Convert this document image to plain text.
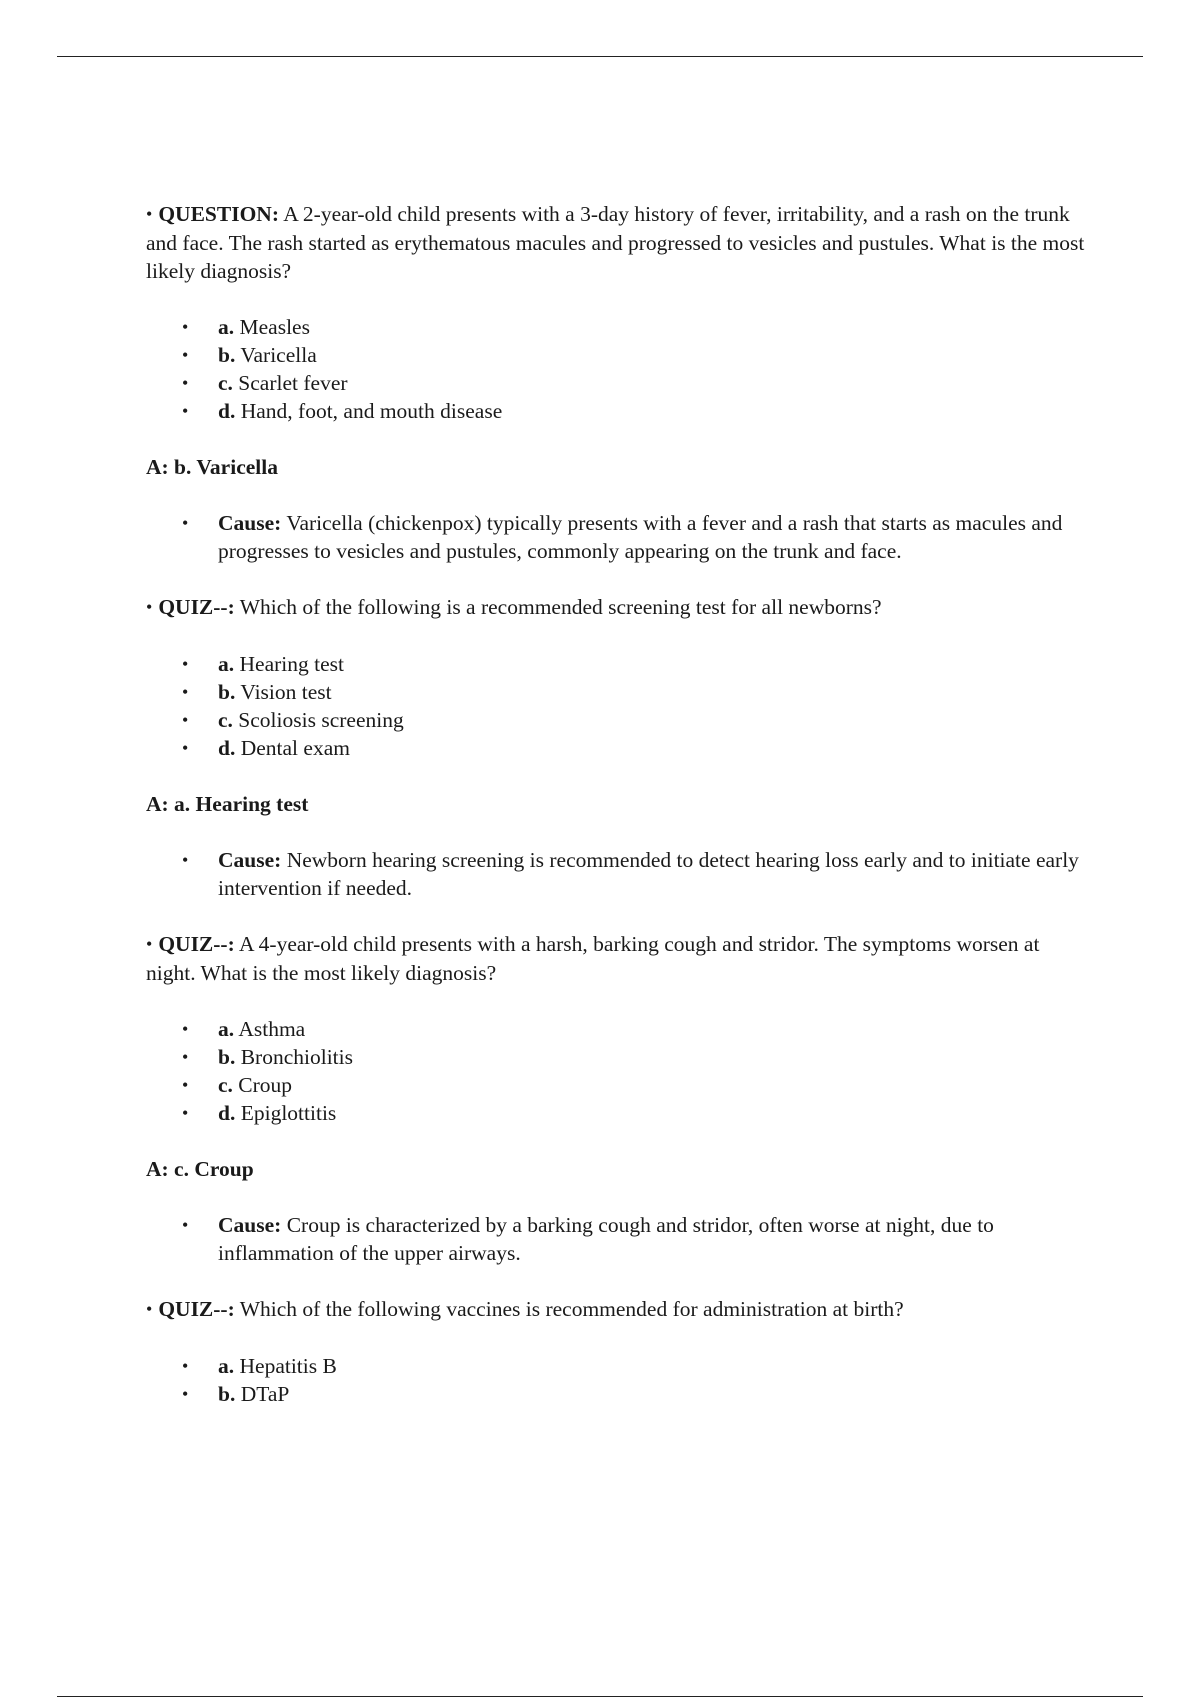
• QUESTION: A 2-year-old child presents with a 3-day history of fever, irritability, and a rash on the trunk and face. The rash started as erythematous macules and progressed to vesicles and pustules. What is the most likely diagnosis?

• a. Measles
• b. Varicella
• c. Scarlet fever
• d. Hand, foot, and mouth disease

A: b. Varicella

• Cause: Varicella (chickenpox) typically presents with a fever and a rash that starts as macules and progresses to vesicles and pustules, commonly appearing on the trunk and face.

• QUIZ--: Which of the following is a recommended screening test for all newborns?

• a. Hearing test
• b. Vision test
• c. Scoliosis screening
• d. Dental exam

A: a. Hearing test

• Cause: Newborn hearing screening is recommended to detect hearing loss early and to initiate early intervention if needed.

• QUIZ--: A 4-year-old child presents with a harsh, barking cough and stridor. The symptoms worsen at night. What is the most likely diagnosis?

• a. Asthma
• b. Bronchiolitis
• c. Croup
• d. Epiglottitis

A: c. Croup

• Cause: Croup is characterized by a barking cough and stridor, often worse at night, due to inflammation of the upper airways.

• QUIZ--: Which of the following vaccines is recommended for administration at birth?

• a. Hepatitis B
• b. DTaP
